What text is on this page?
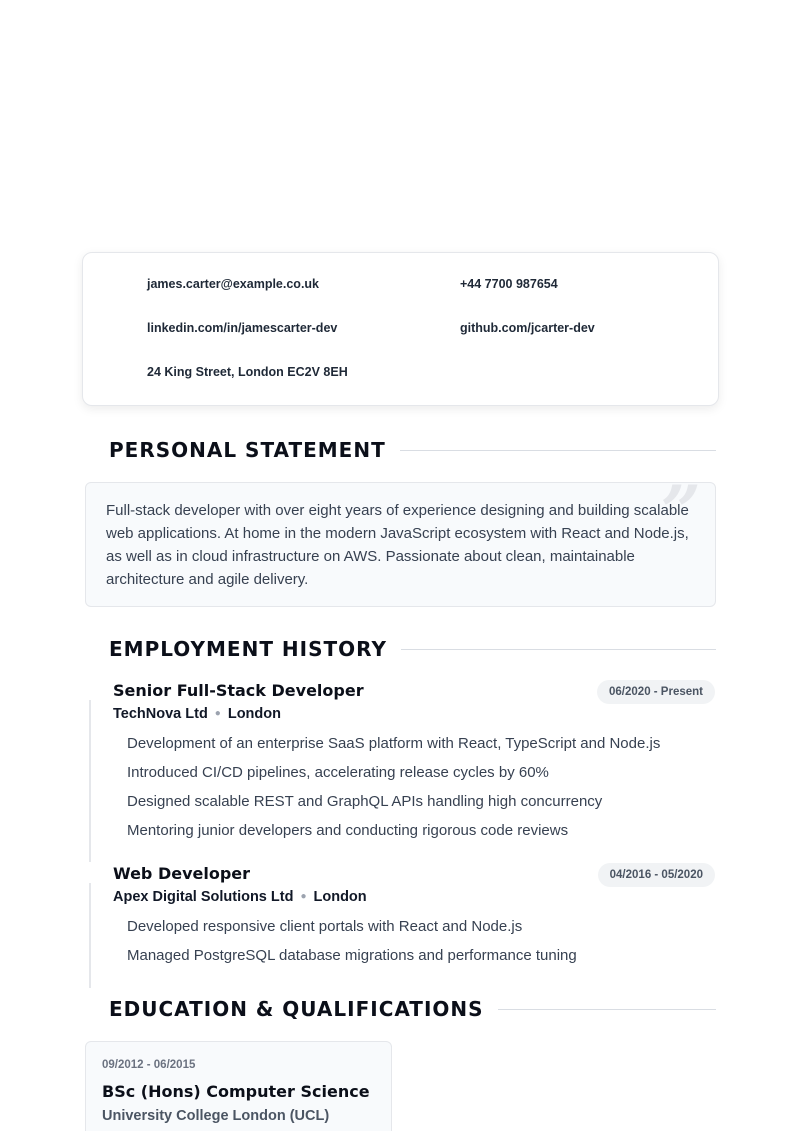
james.carter@example.co.uk	+44 7700 987654
linkedin.com/in/jamescarter-dev	github.com/jcarter-dev
24 King Street, London EC2V 8EH
PERSONAL STATEMENT
”

Full-stack developer with over eight years of experience designing and building scalable web applications. At home in the modern JavaScript ecosystem with React and Node.js, as well as in cloud infrastructure on AWS. Passionate about clean, maintainable architecture and agile delivery.

EMPLOYMENT HISTORY
Senior Full-Stack Developer	06/2020 - Present
TechNova Ltd ● London
Development of an enterprise SaaS platform with React, TypeScript and Node.js
Introduced CI/CD pipelines, accelerating release cycles by 60%
Designed scalable REST and GraphQL APIs handling high concurrency
Mentoring junior developers and conducting rigorous code reviews
Web Developer	04/2016 - 05/2020
Apex Digital Solutions Ltd ● London
Developed responsive client portals with React and Node.js
Managed PostgreSQL database migrations and performance tuning
EDUCATION & QUALIFICATIONS
09/2012 - 06/2015
BSc (Hons) Computer Science
University College London (UCL)
